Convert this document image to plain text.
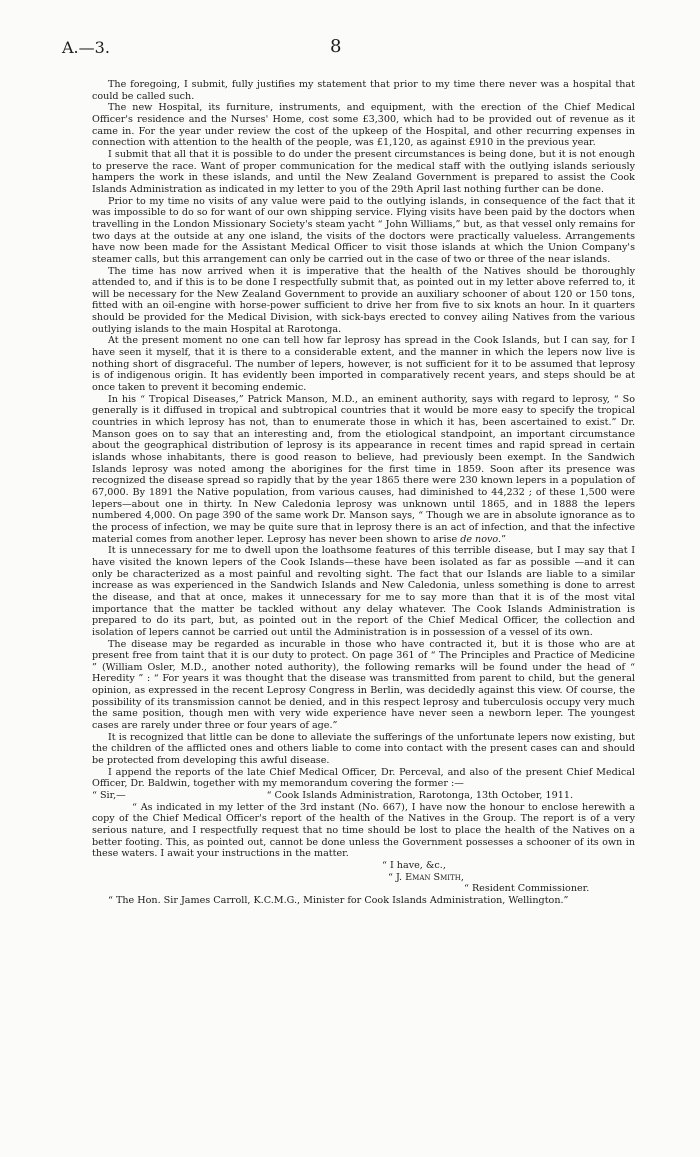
A.—3.	8

The foregoing, I submit, fully justifies my statement that prior to my time there never was a hospital that could be called such.

The new Hospital, its furniture, instruments, and equipment, with the erection of the Chief Medical Officer's residence and the Nurses' Home, cost some £3,300, which had to be provided out of revenue as it came in. For the year under review the cost of the upkeep of the Hospital, and other recurring expenses in connection with attention to the health of the people, was £1,120, as against £910 in the previous year.

I submit that all that it is possible to do under the present circumstances is being done, but it is not enough to preserve the race. Want of proper communication for the medical staff with the outlying islands seriously hampers the work in these islands, and until the New Zealand Government is prepared to assist the Cook Islands Administration as indicated in my letter to you of the 29th April last nothing further can be done.

Prior to my time no visits of any value were paid to the outlying islands, in consequence of the fact that it was impossible to do so for want of our own shipping service. Flying visits have been paid by the doctors when travelling in the London Missionary Society's steam yacht “ John Williams,” but, as that vessel only remains for two days at the outside at any one island, the visits of the doctors were practically valueless. Arrangements have now been made for the Assistant Medical Officer to visit those islands at which the Union Company's steamer calls, but this arrangement can only be carried out in the case of two or three of the near islands.

The time has now arrived when it is imperative that the health of the Natives should be thoroughly attended to, and if this is to be done I respectfully submit that, as pointed out in my letter above referred to, it will be necessary for the New Zealand Government to provide an auxiliary schooner of about 120 or 150 tons, fitted with an oil-engine with horse-power sufficient to drive her from five to six knots an hour. In it quarters should be provided for the Medical Division, with sick-bays erected to convey ailing Natives from the various outlying islands to the main Hospital at Rarotonga.

At the present moment no one can tell how far leprosy has spread in the Cook Islands, but I can say, for I have seen it myself, that it is there to a considerable extent, and the manner in which the lepers now live is nothing short of disgraceful. The number of lepers, however, is not sufficient for it to be assumed that leprosy is of indigenous origin. It has evidently been imported in comparatively recent years, and steps should be at once taken to prevent it becoming endemic.

In his “ Tropical Diseases,” Patrick Manson, M.D., an eminent authority, says with regard to leprosy, “ So generally is it diffused in tropical and subtropical countries that it would be more easy to specify the tropical countries in which leprosy has not, than to enumerate those in which it has, been ascertained to exist.” Dr. Manson goes on to say that an interesting and, from the etiological standpoint, an important circumstance about the geographical distribution of leprosy is its appearance in recent times and rapid spread in certain islands whose inhabitants, there is good reason to believe, had previously been exempt. In the Sandwich Islands leprosy was noted among the aborigines for the first time in 1859. Soon after its presence was recognized the disease spread so rapidly that by the year 1865 there were 230 known lepers in a population of 67,000. By 1891 the Native population, from various causes, had diminished to 44,232 ; of these 1,500 were lepers—about one in thirty. In New Caledonia leprosy was unknown until 1865, and in 1888 the lepers numbered 4,000. On page 390 of the same work Dr. Manson says, “ Though we are in absolute ignorance as to the process of infection, we may be quite sure that in leprosy there is an act of infection, and that the infective material comes from another leper. Leprosy has never been shown to arise de novo.”

It is unnecessary for me to dwell upon the loathsome features of this terrible disease, but I may say that I have visited the known lepers of the Cook Islands—these have been isolated as far as possible —and it can only be characterized as a most painful and revolting sight. The fact that our Islands are liable to a similar increase as was experienced in the Sandwich Islands and New Caledonia, unless something is done to arrest the disease, and that at once, makes it unnecessary for me to say more than that it is of the most vital importance that the matter be tackled without any delay whatever. The Cook Islands Administration is prepared to do its part, but, as pointed out in the report of the Chief Medical Officer, the collection and isolation of lepers cannot be carried out until the Administration is in possession of a vessel of its own.

The disease may be regarded as incurable in those who have contracted it, but it is those who are at present free from taint that it is our duty to protect. On page 361 of “ The Principles and Practice of Medicine ” (William Osler, M.D., another noted authority), the following remarks will be found under the head of “ Heredity ” : “ For years it was thought that the disease was transmitted from parent to child, but the general opinion, as expressed in the recent Leprosy Congress in Berlin, was decidedly against this view. Of course, the possibility of its transmission cannot be denied, and in this respect leprosy and tuberculosis occupy very much the same position, though men with very wide experience have never seen a newborn leper. The youngest cases are rarely under three or four years of age.”

It is recognized that little can be done to alleviate the sufferings of the unfortunate lepers now existing, but the children of the afflicted ones and others liable to come into contact with the present cases can and should be protected from developing this awful disease.

I append the reports of the late Chief Medical Officer, Dr. Perceval, and also of the present Chief Medical Officer, Dr. Baldwin, together with my memorandum covering the former :—

“ Sir,—	“ Cook Islands Administration, Rarotonga, 13th October, 1911.

“ As indicated in my letter of the 3rd instant (No. 667), I have now the honour to enclose herewith a copy of the Chief Medical Officer's report of the health of the Natives in the Group. The report is of a very serious nature, and I respectfully request that no time should be lost to place the health of the Natives on a better footing. This, as pointed out, cannot be done unless the Government possesses a schooner of its own in these waters. I await your instructions in the matter.

“ I have, &c.,
“ J. Eman Smith,
“ Resident Commissioner.

“ The Hon. Sir James Carroll, K.C.M.G., Minister for Cook Islands Administration, Wellington.”
